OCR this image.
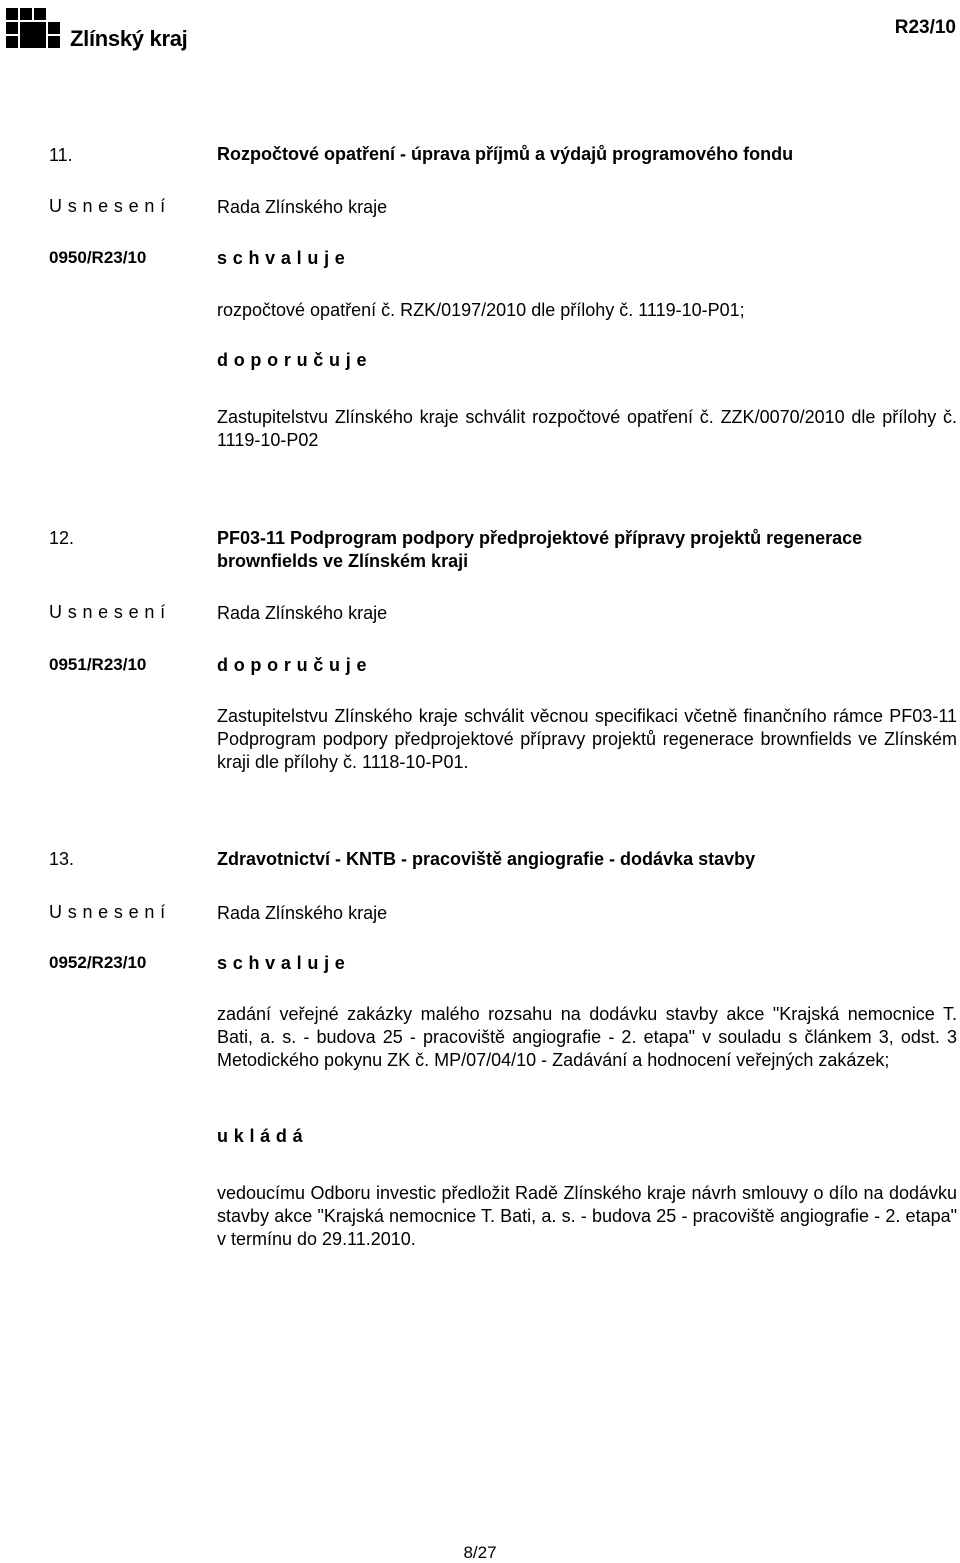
Zlínský kraj	R23/10
11.	Rozpočtové opatření - úprava příjmů a výdajů programového fondu
U s n e s e n í	Rada Zlínského kraje
0950/R23/10	s c h v a l u j e
rozpočtové opatření č. RZK/0197/2010 dle přílohy č. 1119-10-P01;
d o p o r u č u j e
Zastupitelstvu Zlínského kraje schválit rozpočtové opatření č. ZZK/0070/2010 dle přílohy č. 1119-10-P02
12.	PF03-11 Podprogram podpory předprojektové přípravy projektů regenerace brownfields ve Zlínském kraji
U s n e s e n í	Rada Zlínského kraje
0951/R23/10	d o p o r u č u j e
Zastupitelstvu Zlínského kraje schválit věcnou specifikaci včetně finančního rámce PF03-11 Podprogram podpory předprojektové přípravy projektů regenerace brownfields ve Zlínském kraji dle přílohy č. 1118-10-P01.
13.	Zdravotnictví - KNTB - pracoviště angiografie - dodávka stavby
U s n e s e n í	Rada Zlínského kraje
0952/R23/10	s c h v a l u j e
zadání veřejné zakázky malého rozsahu na dodávku stavby akce "Krajská nemocnice T. Bati, a. s. - budova 25 - pracoviště angiografie - 2. etapa" v souladu s článkem 3, odst. 3 Metodického pokynu ZK č. MP/07/04/10 - Zadávání a hodnocení veřejných zakázek;
u k l á d á
vedoucímu Odboru investic předložit Radě Zlínského kraje návrh smlouvy o dílo na dodávku stavby akce "Krajská nemocnice T. Bati, a. s. - budova 25 - pracoviště angiografie - 2. etapa" v termínu do 29.11.2010.
8/27
